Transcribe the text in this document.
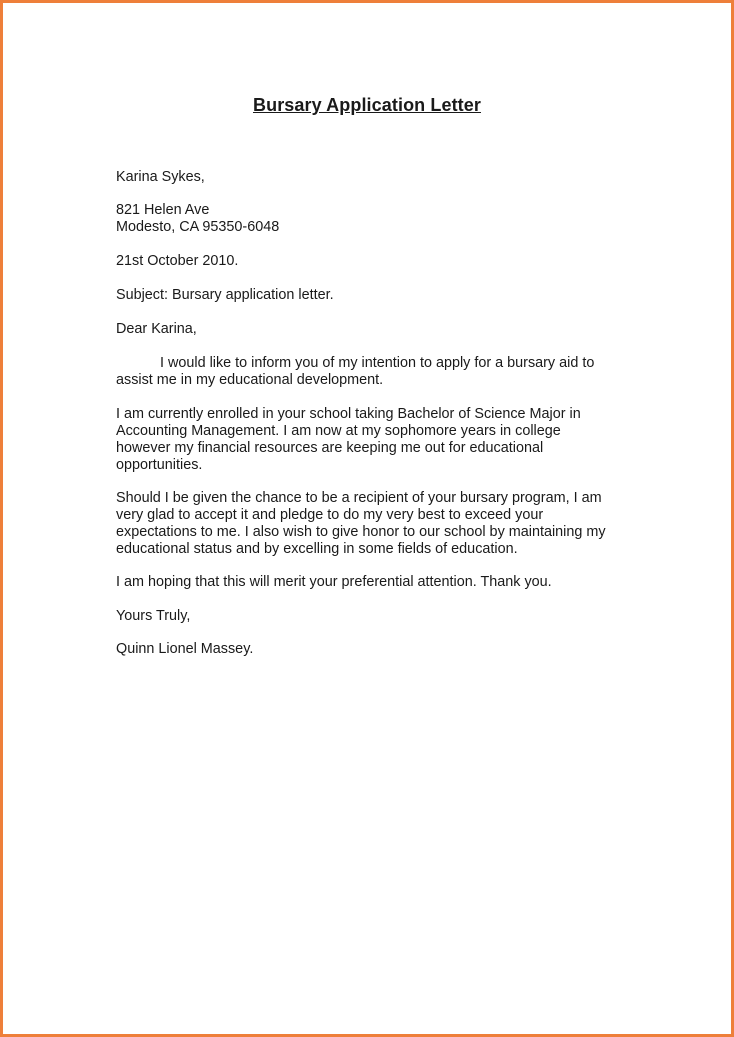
Bursary Application Letter
Karina Sykes,
821 Helen Ave
Modesto, CA 95350-6048
21st October 2010.
Subject: Bursary application letter.
Dear Karina,
I would like to inform you of my intention to apply for a bursary aid to
assist me in my educational development.
I am currently enrolled in your school taking Bachelor of Science Major in
Accounting Management. I am now at my sophomore years in college
however my financial resources are keeping me out for educational
opportunities.
Should I be given the chance to be a recipient of your bursary program, I am
very glad to accept it and pledge to do my very best to exceed your
expectations to me. I also wish to give honor to our school by maintaining my
educational status and by excelling in some fields of education.
I am hoping that this will merit your preferential attention. Thank you.
Yours Truly,
Quinn Lionel Massey.
